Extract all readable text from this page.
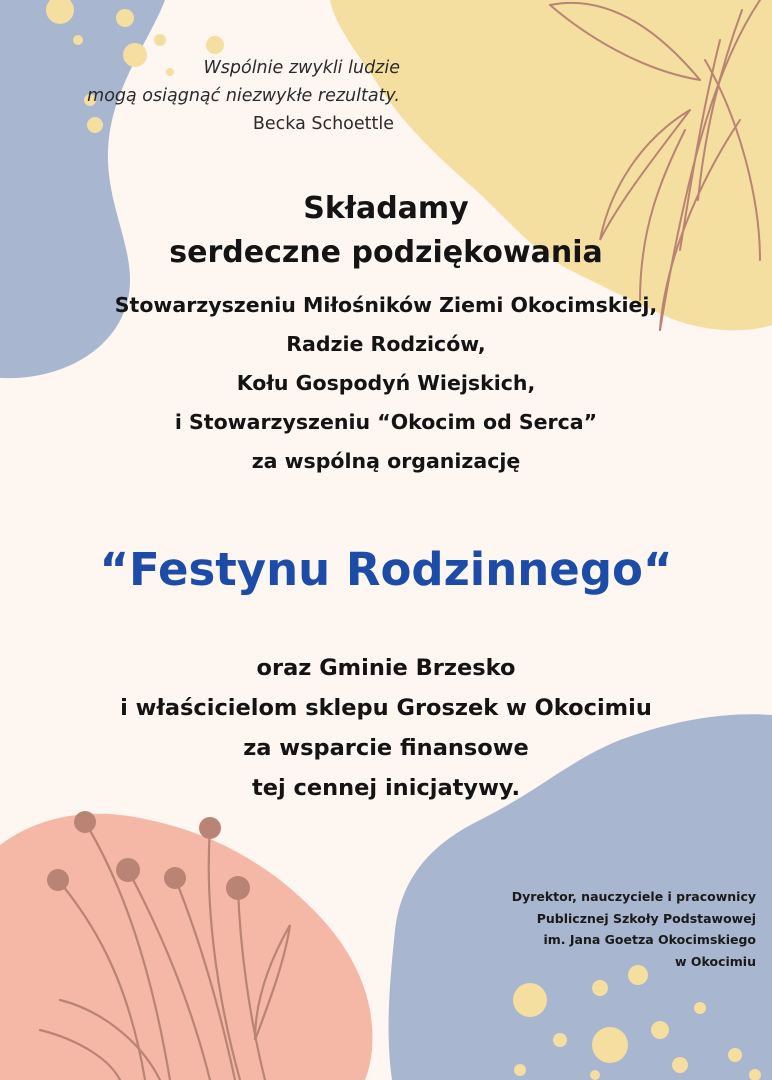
Wspólnie zwykli ludzie
mogą osiągnąć niezwykłe rezultaty.
Becka Schoettle
Składamy
serdeczne podziękowania
Stowarzyszeniu Miłośników Ziemi Okocimskiej,
Radzie Rodziców,
Kołu Gospodyń Wiejskich,
i Stowarzyszeniu “Okocim od Serca”
za wspólną organizację
“Festynu Rodzinnego“
oraz Gminie Brzesko
i właścicielom sklepu Groszek w Okocimiu
za wsparcie finansowe
tej cennej inicjatywy.
Dyrektor, nauczyciele i pracownicy
Publicznej Szkoły Podstawowej
im. Jana Goetza Okocimskiego
w Okocimiu
